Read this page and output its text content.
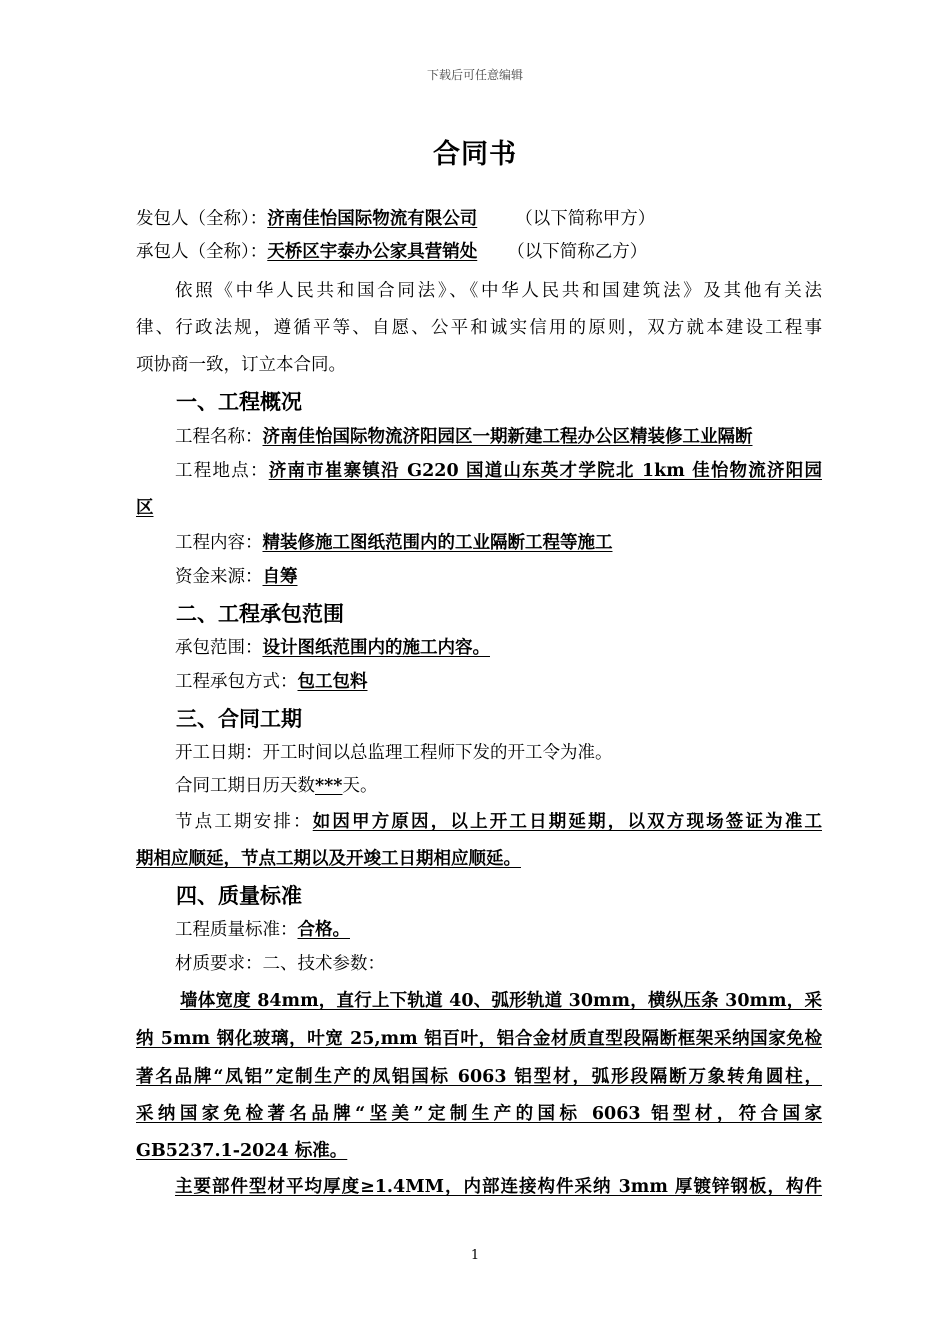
下载后可任意编辑
合同书
发包人（全称）：济南佳怡国际物流有限公司 （以下简称甲方）
承包人（全称）：天桥区宇泰办公家具营销处 （以下简称乙方）
依照《中华人民共和国合同法》、《中华人民共和国建筑法》及其他有关法
律、行政法规，遵循平等、自愿、公平和诚实信用的原则，双方就本建设工程事
项协商一致，订立本合同。
一、工程概况
工程名称：济南佳怡国际物流济阳园区一期新建工程办公区精装修工业隔断
工程地点：济南市崔寨镇沿 G220 国道山东英才学院北 1km 佳怡物流济阳园
区
工程内容：精装修施工图纸范围内的工业隔断工程等施工
资金来源：自筹
二、工程承包范围
承包范围：设计图纸范围内的施工内容。
工程承包方式：包工包料
三、合同工期
开工日期：开工时间以总监理工程师下发的开工令为准。
合同工期日历天数***天。
节点工期安排：如因甲方原因，以上开工日期延期，以双方现场签证为准工
期相应顺延，节点工期以及开竣工日期相应顺延。
四、质量标准
工程质量标准：合格。
材质要求：二、技术参数：
墙体宽度 84mm，直行上下轨道 40、弧形轨道 30mm，横纵压条 30mm，采
纳 5mm 钢化玻璃，叶宽 25,mm 铝百叶，铝合金材质直型段隔断框架采纳国家免检
著名品牌“凤铝”定制生产的凤铝国标 6063 铝型材，弧形段隔断万象转角圆柱，
采纳国家免检著名品牌“坚美”定制生产的国标 6063 铝型材，符合国家
GB5237.1-2024 标准。
主要部件型材平均厚度≥1.4MM，内部连接构件采纳 3mm 厚镀锌钢板，构件
1
